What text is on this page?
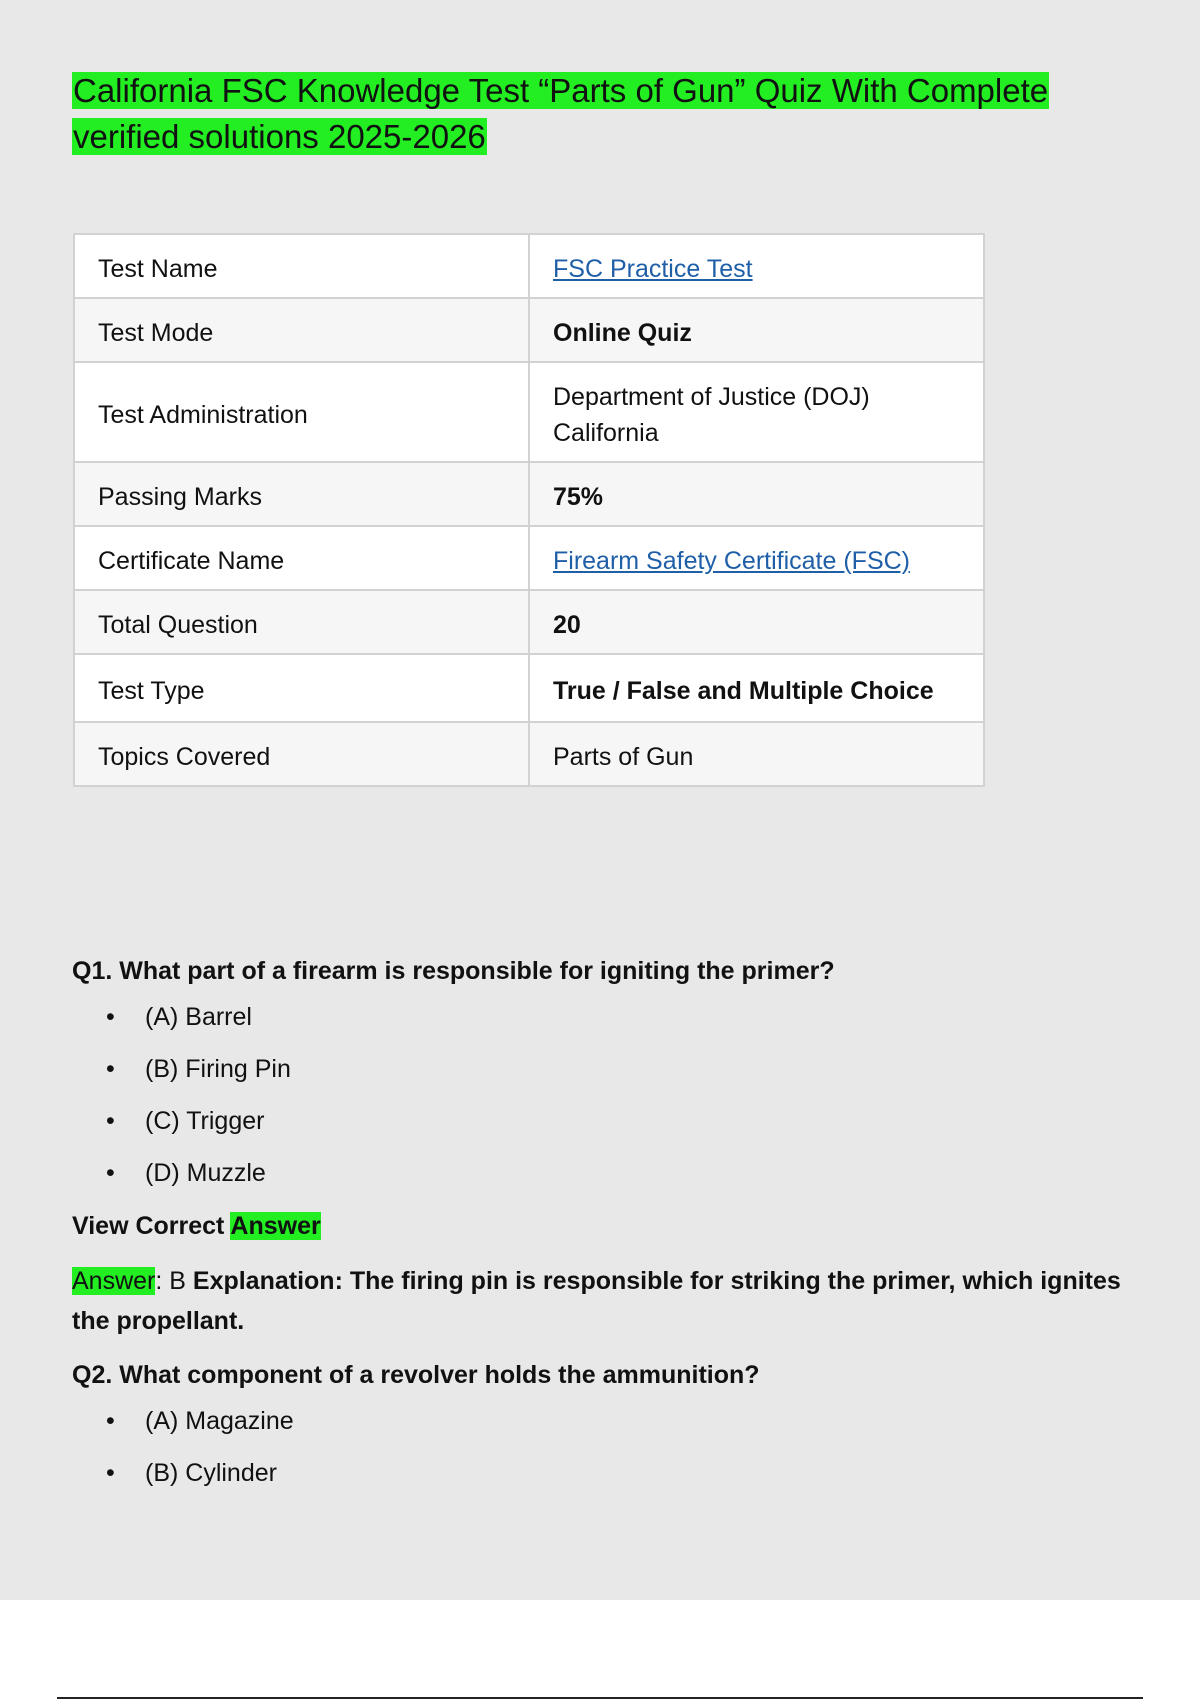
California FSC Knowledge Test “Parts of Gun” Quiz With Complete verified solutions 2025-2026
Test Name	FSC Practice Test
Test Mode	Online Quiz
Test Administration	Department of Justice (DOJ) California
Passing Marks	75%
Certificate Name	Firearm Safety Certificate (FSC)
Total Question	20
Test Type	True / False and Multiple Choice
Topics Covered	Parts of Gun

Q1. What part of a firearm is responsible for igniting the primer?

• (A) Barrel
• (B) Firing Pin
• (C) Trigger
• (D) Muzzle

View Correct Answer

Answer: B Explanation: The firing pin is responsible for striking the primer, which ignites the propellant.

Q2. What component of a revolver holds the ammunition?

• (A) Magazine
• (B) Cylinder
